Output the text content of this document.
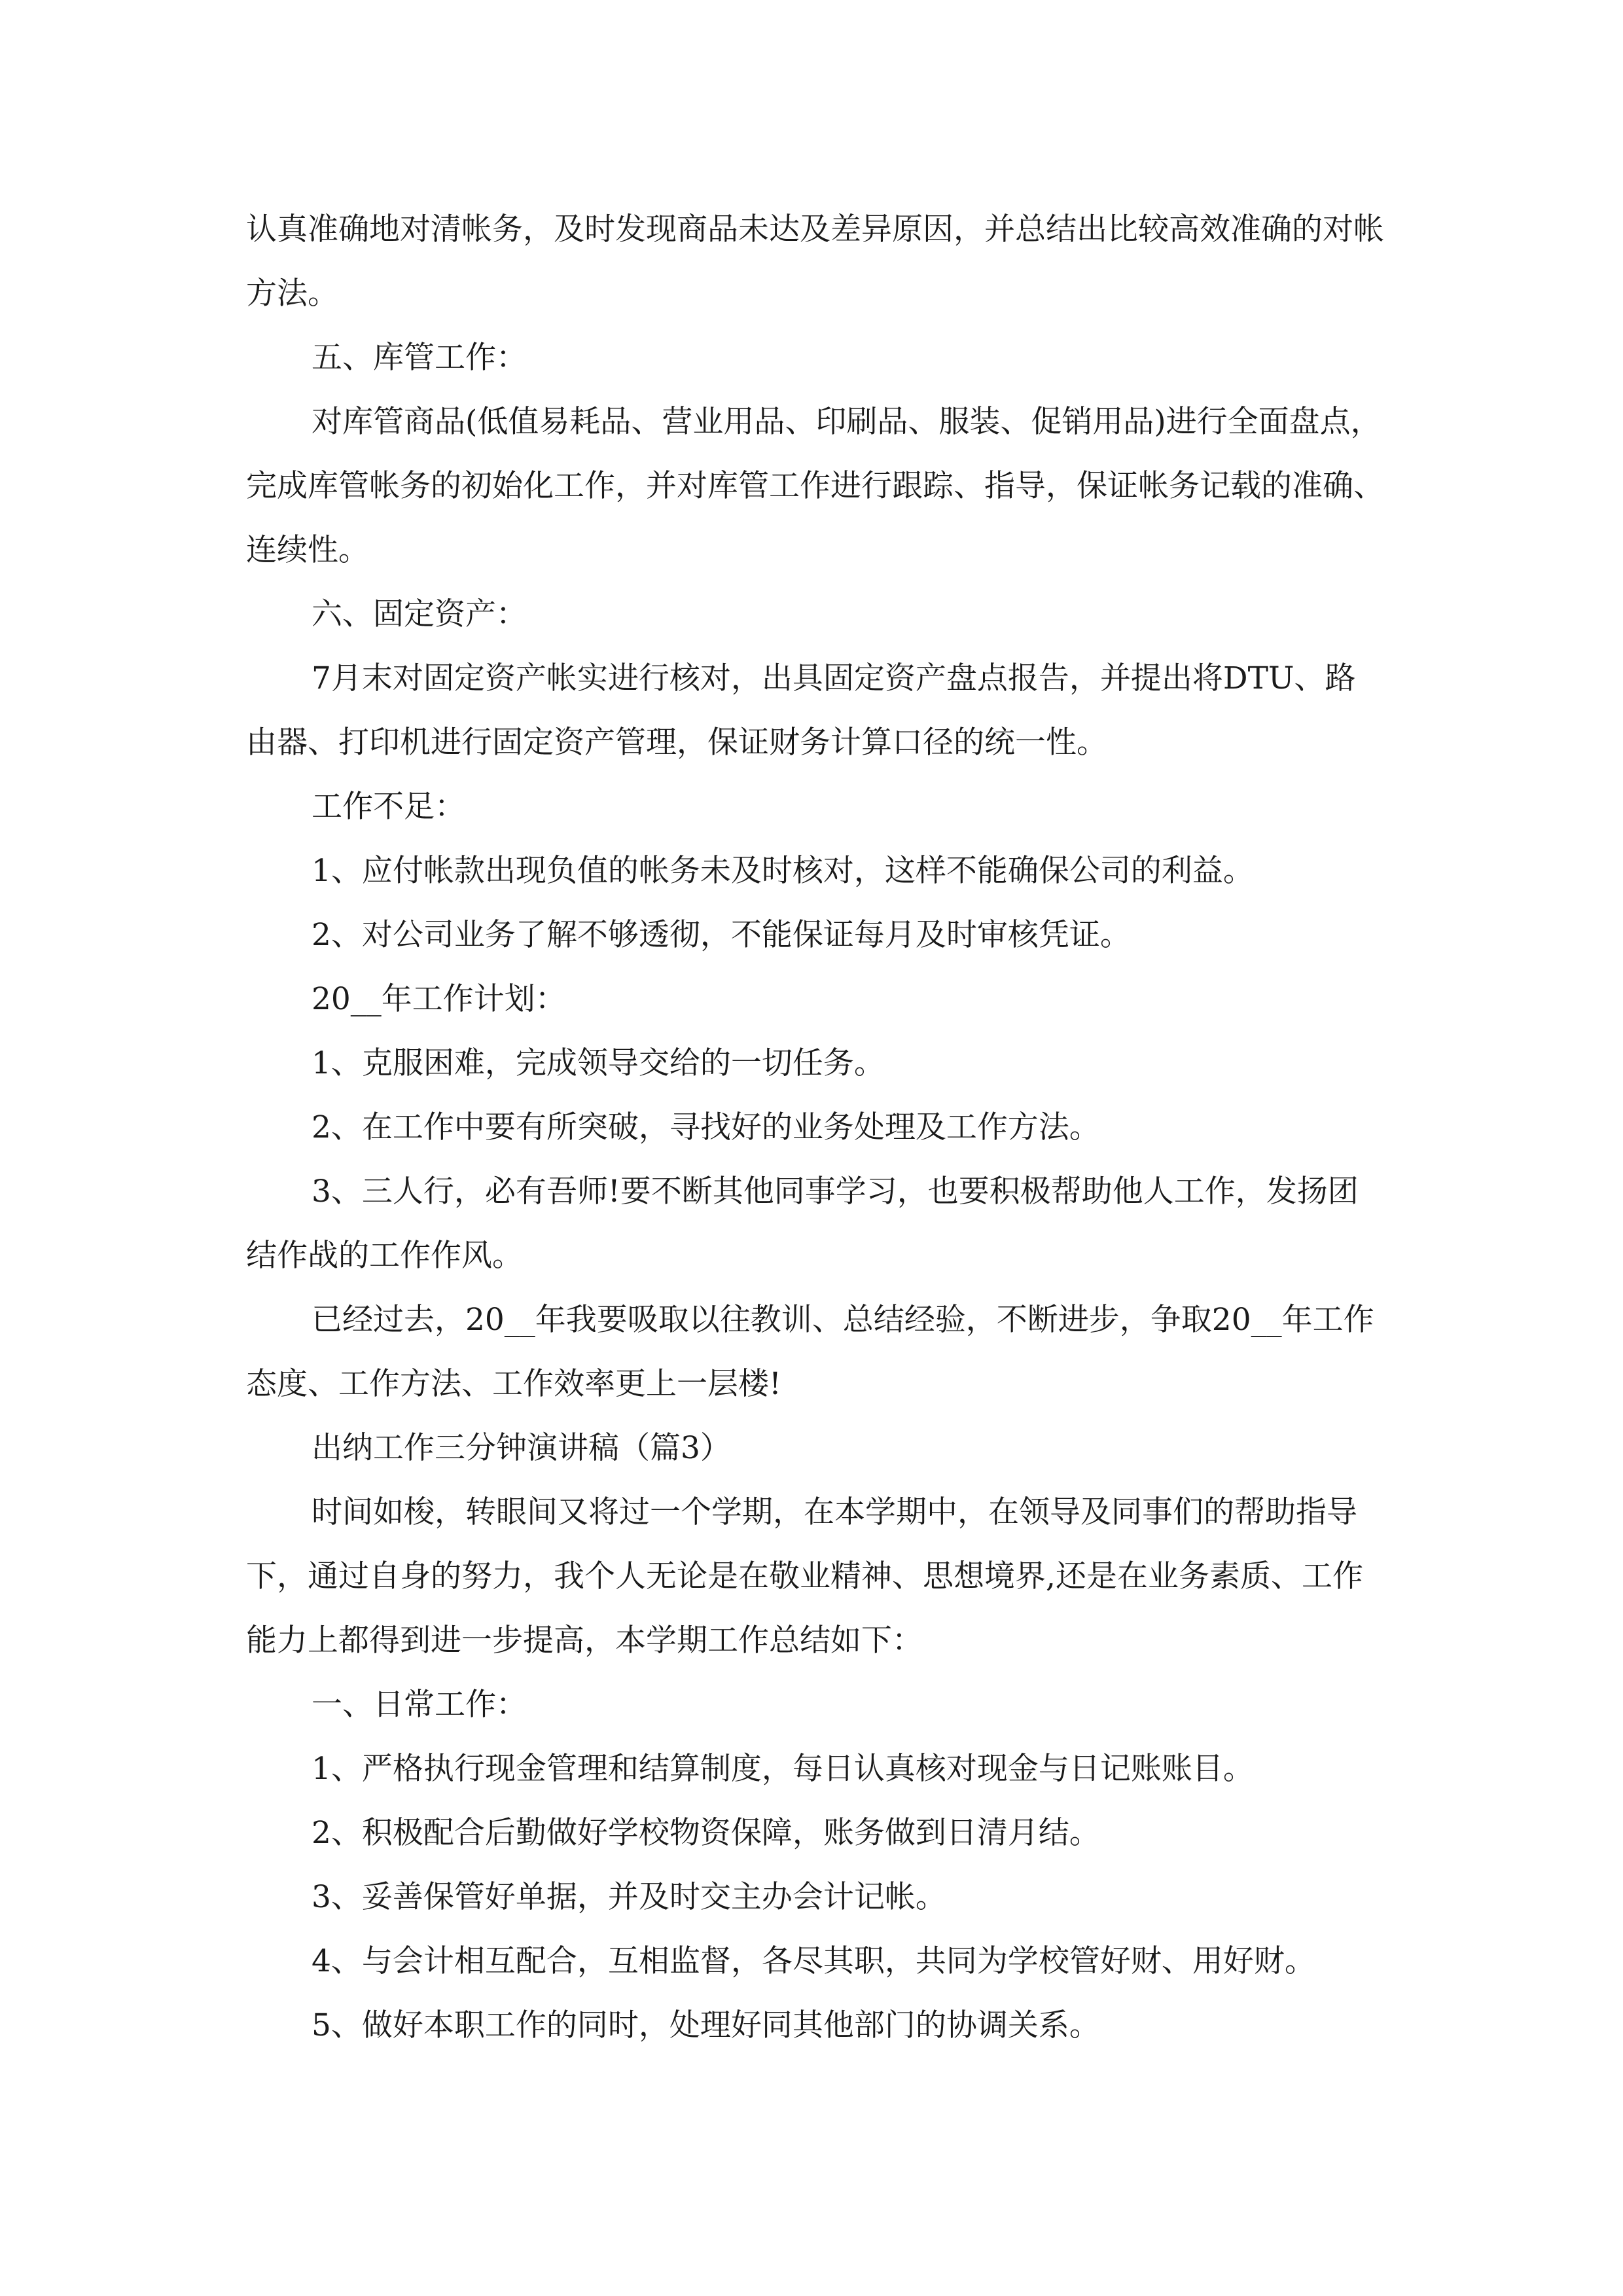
认真准确地对清帐务，及时发现商品未达及差异原因，并总结出比较高效准确的对帐方法。

五、库管工作：

对库管商品(低值易耗品、营业用品、印刷品、服装、促销用品)进行全面盘点，完成库管帐务的初始化工作，并对库管工作进行跟踪、指导，保证帐务记载的准确、连续性。

六、固定资产：

7月末对固定资产帐实进行核对，出具固定资产盘点报告，并提出将DTU、路由器、打印机进行固定资产管理，保证财务计算口径的统一性。

工作不足：

1、应付帐款出现负值的帐务未及时核对，这样不能确保公司的利益。

2、对公司业务了解不够透彻，不能保证每月及时审核凭证。

20__年工作计划：

1、克服困难，完成领导交给的一切任务。

2、在工作中要有所突破，寻找好的业务处理及工作方法。

3、三人行，必有吾师!要不断其他同事学习，也要积极帮助他人工作，发扬团结作战的工作作风。

已经过去，20__年我要吸取以往教训、总结经验，不断进步，争取20__年工作态度、工作方法、工作效率更上一层楼!

出纳工作三分钟演讲稿（篇3）

时间如梭，转眼间又将过一个学期，在本学期中，在领导及同事们的帮助指导下，通过自身的努力，我个人无论是在敬业精神、思想境界,还是在业务素质、工作能力上都得到进一步提高，本学期工作总结如下：

一、日常工作：

1、严格执行现金管理和结算制度，每日认真核对现金与日记账账目。

2、积极配合后勤做好学校物资保障，账务做到日清月结。

3、妥善保管好单据，并及时交主办会计记帐。

4、与会计相互配合，互相监督，各尽其职，共同为学校管好财、用好财。

5、做好本职工作的同时，处理好同其他部门的协调关系。
